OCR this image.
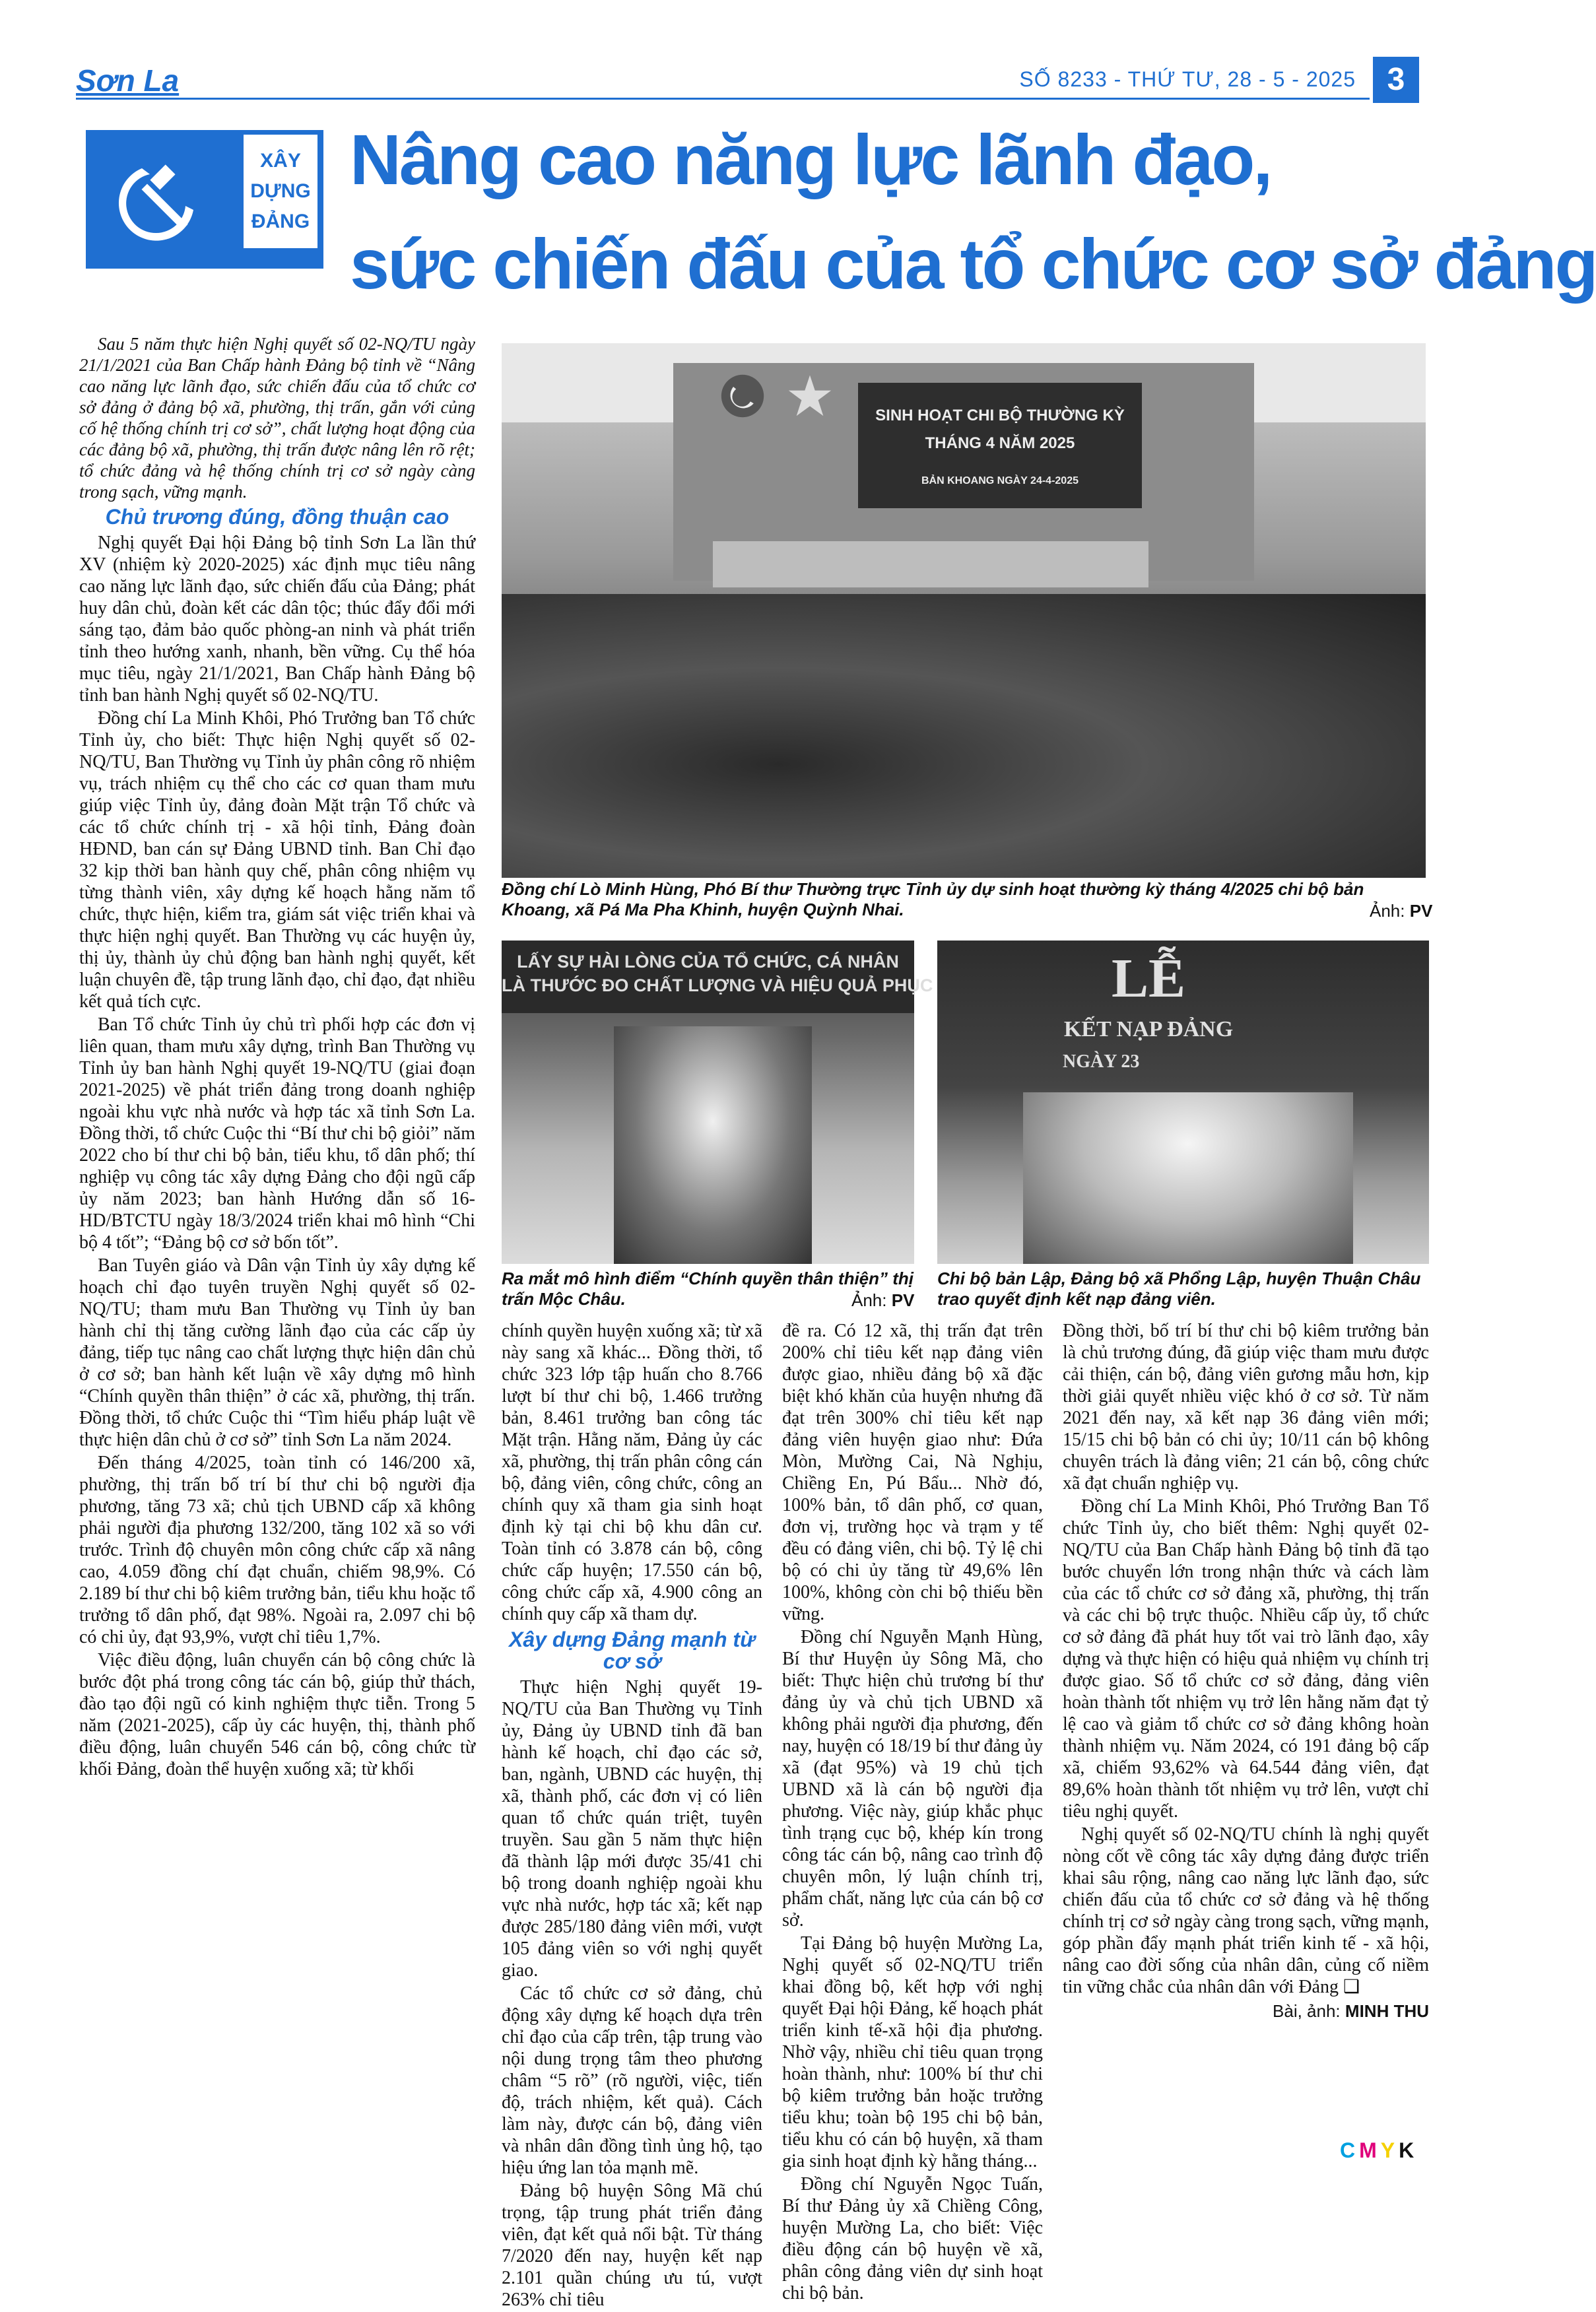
Sơn La	SỐ 8233 - THỨ TƯ, 28 - 5 - 2025 3
XÂY
DỰNG
ĐẢNG
Nâng cao năng lực lãnh đạo,
sức chiến đấu của tổ chức cơ sở đảng

Sau 5 năm thực hiện Nghị quyết số 02-NQ/TU ngày 21/1/2021 của Ban Chấp hành Đảng bộ tỉnh về “Nâng cao năng lực lãnh đạo, sức chiến đấu của tổ chức cơ sở đảng ở đảng bộ xã, phường, thị trấn, gắn với củng cố hệ thống chính trị cơ sở”, chất lượng hoạt động của các đảng bộ xã, phường, thị trấn được nâng lên rõ rệt; tổ chức đảng và hệ thống chính trị cơ sở ngày càng trong sạch, vững mạnh.

Chủ trương đúng, đồng thuận cao

Nghị quyết Đại hội Đảng bộ tỉnh Sơn La lần thứ XV (nhiệm kỳ 2020-2025) xác định mục tiêu nâng cao năng lực lãnh đạo, sức chiến đấu của Đảng; phát huy dân chủ, đoàn kết các dân tộc; thúc đẩy đổi mới sáng tạo, đảm bảo quốc phòng-an ninh và phát triển tỉnh theo hướng xanh, nhanh, bền vững. Cụ thể hóa mục tiêu, ngày 21/1/2021, Ban Chấp hành Đảng bộ tỉnh ban hành Nghị quyết số 02-NQ/TU.

Đồng chí La Minh Khôi, Phó Trưởng ban Tổ chức Tỉnh ủy, cho biết: Thực hiện Nghị quyết số 02-NQ/TU, Ban Thường vụ Tỉnh ủy phân công rõ nhiệm vụ, trách nhiệm cụ thể cho các cơ quan tham mưu giúp việc Tỉnh ủy, đảng đoàn Mặt trận Tổ chức và các tổ chức chính trị - xã hội tỉnh, Đảng đoàn HĐND, ban cán sự Đảng UBND tỉnh. Ban Chỉ đạo 32 kịp thời ban hành quy chế, phân công nhiệm vụ từng thành viên, xây dựng kế hoạch hằng năm tổ chức, thực hiện, kiểm tra, giám sát việc triển khai và thực hiện nghị quyết. Ban Thường vụ các huyện ủy, thị ủy, thành ủy chủ động ban hành nghị quyết, kết luận chuyên đề, tập trung lãnh đạo, chỉ đạo, đạt nhiều kết quả tích cực.

Ban Tổ chức Tỉnh ủy chủ trì phối hợp các đơn vị liên quan, tham mưu xây dựng, trình Ban Thường vụ Tỉnh ủy ban hành Nghị quyết 19-NQ/TU (giai đoạn 2021-2025) về phát triển đảng trong doanh nghiệp ngoài khu vực nhà nước và hợp tác xã tỉnh Sơn La. Đồng thời, tổ chức Cuộc thi “Bí thư chi bộ giỏi” năm 2022 cho bí thư chi bộ bản, tiểu khu, tổ dân phố; thí nghiệp vụ công tác xây dựng Đảng cho đội ngũ cấp ủy năm 2023; ban hành Hướng dẫn số 16-HD/BTCTU ngày 18/3/2024 triển khai mô hình “Chi bộ 4 tốt”; “Đảng bộ cơ sở bốn tốt”.

Ban Tuyên giáo và Dân vận Tỉnh ủy xây dựng kế hoạch chỉ đạo tuyên truyền Nghị quyết số 02-NQ/TU; tham mưu Ban Thường vụ Tỉnh ủy ban hành chỉ thị tăng cường lãnh đạo của các cấp ủy đảng, tiếp tục nâng cao chất lượng thực hiện dân chủ ở cơ sở; ban hành kết luận về xây dựng mô hình “Chính quyền thân thiện” ở các xã, phường, thị trấn. Đồng thời, tổ chức Cuộc thi “Tìm hiểu pháp luật về thực hiện dân chủ ở cơ sở” tỉnh Sơn La năm 2024.

Đến tháng 4/2025, toàn tỉnh có 146/200 xã, phường, thị trấn bố trí bí thư chi bộ người địa phương, tăng 73 xã; chủ tịch UBND cấp xã không phải người địa phương 132/200, tăng 102 xã so với trước. Trình độ chuyên môn công chức cấp xã nâng cao, 4.059 đồng chí đạt chuẩn, chiếm 98,9%. Có 2.189 bí thư chi bộ kiêm trưởng bản, tiểu khu hoặc tổ trưởng tổ dân phố, đạt 98%. Ngoài ra, 2.097 chi bộ có chi ủy, đạt 93,9%, vượt chỉ tiêu 1,7%.

Việc điều động, luân chuyển cán bộ công chức là bước đột phá trong công tác cán bộ, giúp thử thách, đào tạo đội ngũ có kinh nghiệm thực tiễn. Trong 5 năm (2021-2025), cấp ủy các huyện, thị, thành phố điều động, luân chuyển 546 cán bộ, công chức từ khối Đảng, đoàn thể huyện xuống xã; từ khối

SINH HOẠT CHI BỘ THƯỜNG KỲ
THÁNG 4 NĂM 2025
BẢN KHOANG NGÀY 24-4-2025
Đồng chí Lò Minh Hùng, Phó Bí thư Thường trực Tỉnh ủy dự sinh hoạt thường kỳ tháng 4/2025 chi bộ bản Khoang, xã Pá Ma Pha Khinh, huyện Quỳnh Nhai.	Ảnh: PV
LẤY SỰ HÀI LÒNG CỦA TỔ CHỨC, CÁ NHÂN
LÀ THƯỚC ĐO CHẤT LƯỢNG VÀ HIỆU QUẢ PHỤC
Ra mắt mô hình điểm “Chính quyền thân thiện” thị trấn Mộc Châu.	Ảnh: PV
LỄ
KẾT NẠP ĐẢNG
NGÀY 23
Chi bộ bản Lập, Đảng bộ xã Phổng Lập, huyện Thuận Châu trao quyết định kết nạp đảng viên.

chính quyền huyện xuống xã; từ xã này sang xã khác... Đồng thời, tổ chức 323 lớp tập huấn cho 8.766 lượt bí thư chi bộ, 1.466 trưởng bản, 8.461 trưởng ban công tác Mặt trận. Hằng năm, Đảng ủy các xã, phường, thị trấn phân công cán bộ, đảng viên, công chức, công an chính quy xã tham gia sinh hoạt định kỳ tại chi bộ khu dân cư. Toàn tỉnh có 3.878 cán bộ, công chức cấp huyện; 17.550 cán bộ, công chức cấp xã, 4.900 công an chính quy cấp xã tham dự.

Xây dựng Đảng mạnh từ cơ sở

Thực hiện Nghị quyết 19-NQ/TU của Ban Thường vụ Tỉnh ủy, Đảng ủy UBND tỉnh đã ban hành kế hoạch, chỉ đạo các sở, ban, ngành, UBND các huyện, thị xã, thành phố, các đơn vị có liên quan tổ chức quán triệt, tuyên truyền. Sau gần 5 năm thực hiện đã thành lập mới được 35/41 chi bộ trong doanh nghiệp ngoài khu vực nhà nước, hợp tác xã; kết nạp được 285/180 đảng viên mới, vượt 105 đảng viên so với nghị quyết giao.

Các tổ chức cơ sở đảng, chủ động xây dựng kế hoạch dựa trên chỉ đạo của cấp trên, tập trung vào nội dung trọng tâm theo phương châm “5 rõ” (rõ người, việc, tiến độ, trách nhiệm, kết quả). Cách làm này, được cán bộ, đảng viên và nhân dân đồng tình ủng hộ, tạo hiệu ứng lan tỏa mạnh mẽ.

Đảng bộ huyện Sông Mã chú trọng, tập trung phát triển đảng viên, đạt kết quả nổi bật. Từ tháng 7/2020 đến nay, huyện kết nạp 2.101 quần chúng ưu tú, vượt 263% chỉ tiêu

đề ra. Có 12 xã, thị trấn đạt trên 200% chỉ tiêu kết nạp đảng viên được giao, nhiều đảng bộ xã đặc biệt khó khăn của huyện nhưng đã đạt trên 300% chỉ tiêu kết nạp đảng viên huyện giao như: Đứa Mòn, Mường Cai, Nà Nghịu, Chiềng En, Pú Bẩu... Nhờ đó, 100% bản, tổ dân phố, cơ quan, đơn vị, trường học và trạm y tế đều có đảng viên, chi bộ. Tỷ lệ chi bộ có chi ủy tăng từ 49,6% lên 100%, không còn chi bộ thiếu bền vững.

Đồng chí Nguyễn Mạnh Hùng, Bí thư Huyện ủy Sông Mã, cho biết: Thực hiện chủ trương bí thư đảng ủy và chủ tịch UBND xã không phải người địa phương, đến nay, huyện có 18/19 bí thư đảng ủy xã (đạt 95%) và 19 chủ tịch UBND xã là cán bộ người địa phương. Việc này, giúp khắc phục tình trạng cục bộ, khép kín trong công tác cán bộ, nâng cao trình độ chuyên môn, lý luận chính trị, phẩm chất, năng lực của cán bộ cơ sở.

Tại Đảng bộ huyện Mường La, Nghị quyết số 02-NQ/TU triển khai đồng bộ, kết hợp với nghị quyết Đại hội Đảng, kế hoạch phát triển kinh tế-xã hội địa phương. Nhờ vậy, nhiều chỉ tiêu quan trọng hoàn thành, như: 100% bí thư chi bộ kiêm trưởng bản hoặc trưởng tiểu khu; toàn bộ 195 chi bộ bản, tiểu khu có cán bộ huyện, xã tham gia sinh hoạt định kỳ hằng tháng...

Đồng chí Nguyễn Ngọc Tuấn, Bí thư Đảng ủy xã Chiềng Công, huyện Mường La, cho biết: Việc điều động cán bộ huyện về xã, phân công đảng viên dự sinh hoạt chi bộ bản.

Đồng thời, bố trí bí thư chi bộ kiêm trưởng bản là chủ trương đúng, đã giúp việc tham mưu được cải thiện, cán bộ, đảng viên gương mẫu hơn, kịp thời giải quyết nhiều việc khó ở cơ sở. Từ năm 2021 đến nay, xã kết nạp 36 đảng viên mới; 15/15 chi bộ bản có chi ủy; 10/11 cán bộ không chuyên trách là đảng viên; 21 cán bộ, công chức xã đạt chuẩn nghiệp vụ.

Đồng chí La Minh Khôi, Phó Trưởng Ban Tổ chức Tỉnh ủy, cho biết thêm: Nghị quyết 02-NQ/TU của Ban Chấp hành Đảng bộ tỉnh đã tạo bước chuyển lớn trong nhận thức và cách làm của các tổ chức cơ sở đảng xã, phường, thị trấn và các chi bộ trực thuộc. Nhiều cấp ủy, tổ chức cơ sở đảng đã phát huy tốt vai trò lãnh đạo, xây dựng và thực hiện có hiệu quả nhiệm vụ chính trị được giao. Số tổ chức cơ sở đảng, đảng viên hoàn thành tốt nhiệm vụ trở lên hằng năm đạt tỷ lệ cao và giảm tổ chức cơ sở đảng không hoàn thành nhiệm vụ. Năm 2024, có 191 đảng bộ cấp xã, chiếm 93,62% và 64.544 đảng viên, đạt 89,6% hoàn thành tốt nhiệm vụ trở lên, vượt chỉ tiêu nghị quyết.

Nghị quyết số 02-NQ/TU chính là nghị quyết nòng cốt về công tác xây dựng đảng được triển khai sâu rộng, nâng cao năng lực lãnh đạo, sức chiến đấu của tổ chức cơ sở đảng và hệ thống chính trị cơ sở ngày càng trong sạch, vững mạnh, góp phần đẩy mạnh phát triển kinh tế - xã hội, nâng cao đời sống của nhân dân, củng cố niềm tin vững chắc của nhân dân với Đảng ❑

Bài, ảnh: MINH THU
CMYK
